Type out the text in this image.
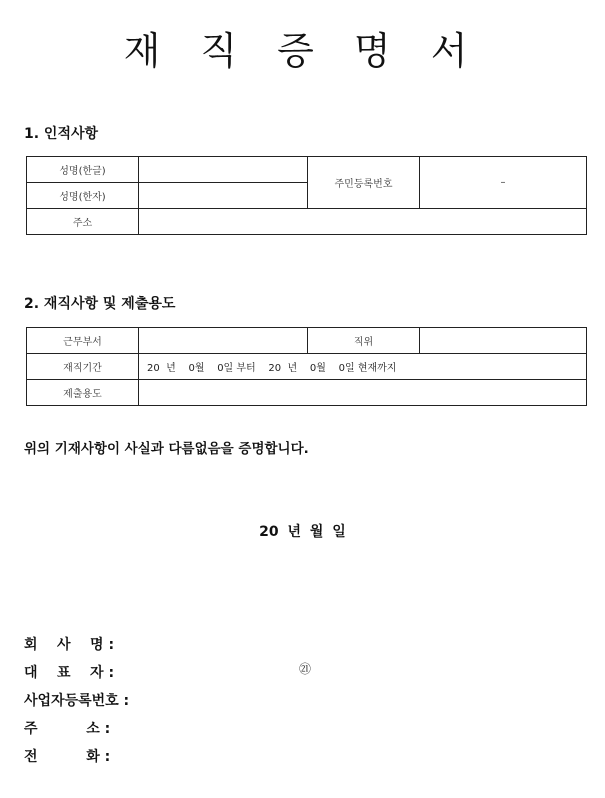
재 직 증 명 서
1. 인적사항
성명(한글)		주민등록번호	–
성명(한자)			
주소			
2. 재직사항 및 제출용도
근무부서		직위	
재직기간	20  년    0월    0일 부터    20  년    0월    0일 현재까지		
제출용도			
위의 기재사항이 사실과 다름없음을 증명합니다.
20 년 월 일
회    사    명 :
대    표    자 :	㉑
사업자등록번호 :
주          소 :
전          화 :
